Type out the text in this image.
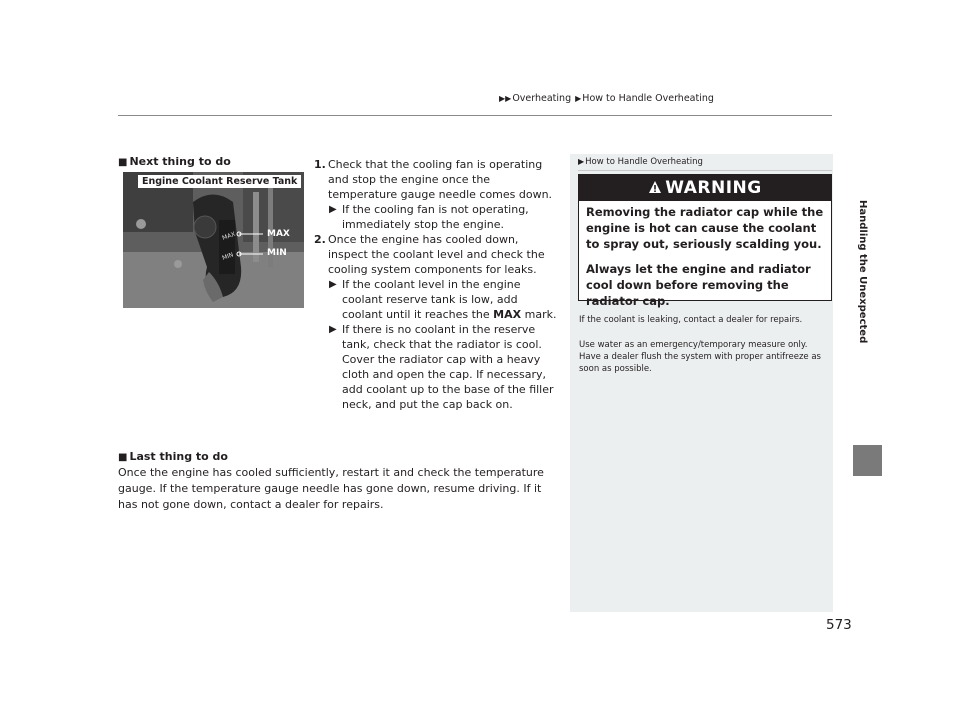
▶▶Overheating ▶How to Handle Overheating
Handling the Unexpected
■ Next thing to do
MAX
MIN
Engine Coolant Reserve Tank
MAX
MIN
1. Check that the cooling fan is operating and stop the engine once the temperature gauge needle comes down.
▶ If the cooling fan is not operating, immediately stop the engine.
2. Once the engine has cooled down, inspect the coolant level and check the cooling system components for leaks.
▶ If the coolant level in the engine coolant reserve tank is low, add coolant until it reaches the MAX mark.
▶ If there is no coolant in the reserve tank, check that the radiator is cool. Cover the radiator cap with a heavy cloth and open the cap. If necessary, add coolant up to the base of the filler neck, and put the cap back on.
■ Last thing to do
Once the engine has cooled sufficiently, restart it and check the temperature gauge. If the temperature gauge needle has gone down, resume driving. If it has not gone down, contact a dealer for repairs.
▶How to Handle Overheating
WARNING
Removing the radiator cap while the engine is hot can cause the coolant to spray out, seriously scalding you.
Always let the engine and radiator cool down before removing the radiator cap.
If the coolant is leaking, contact a dealer for repairs.
Use water as an emergency/temporary measure only. Have a dealer flush the system with proper antifreeze as soon as possible.
573
